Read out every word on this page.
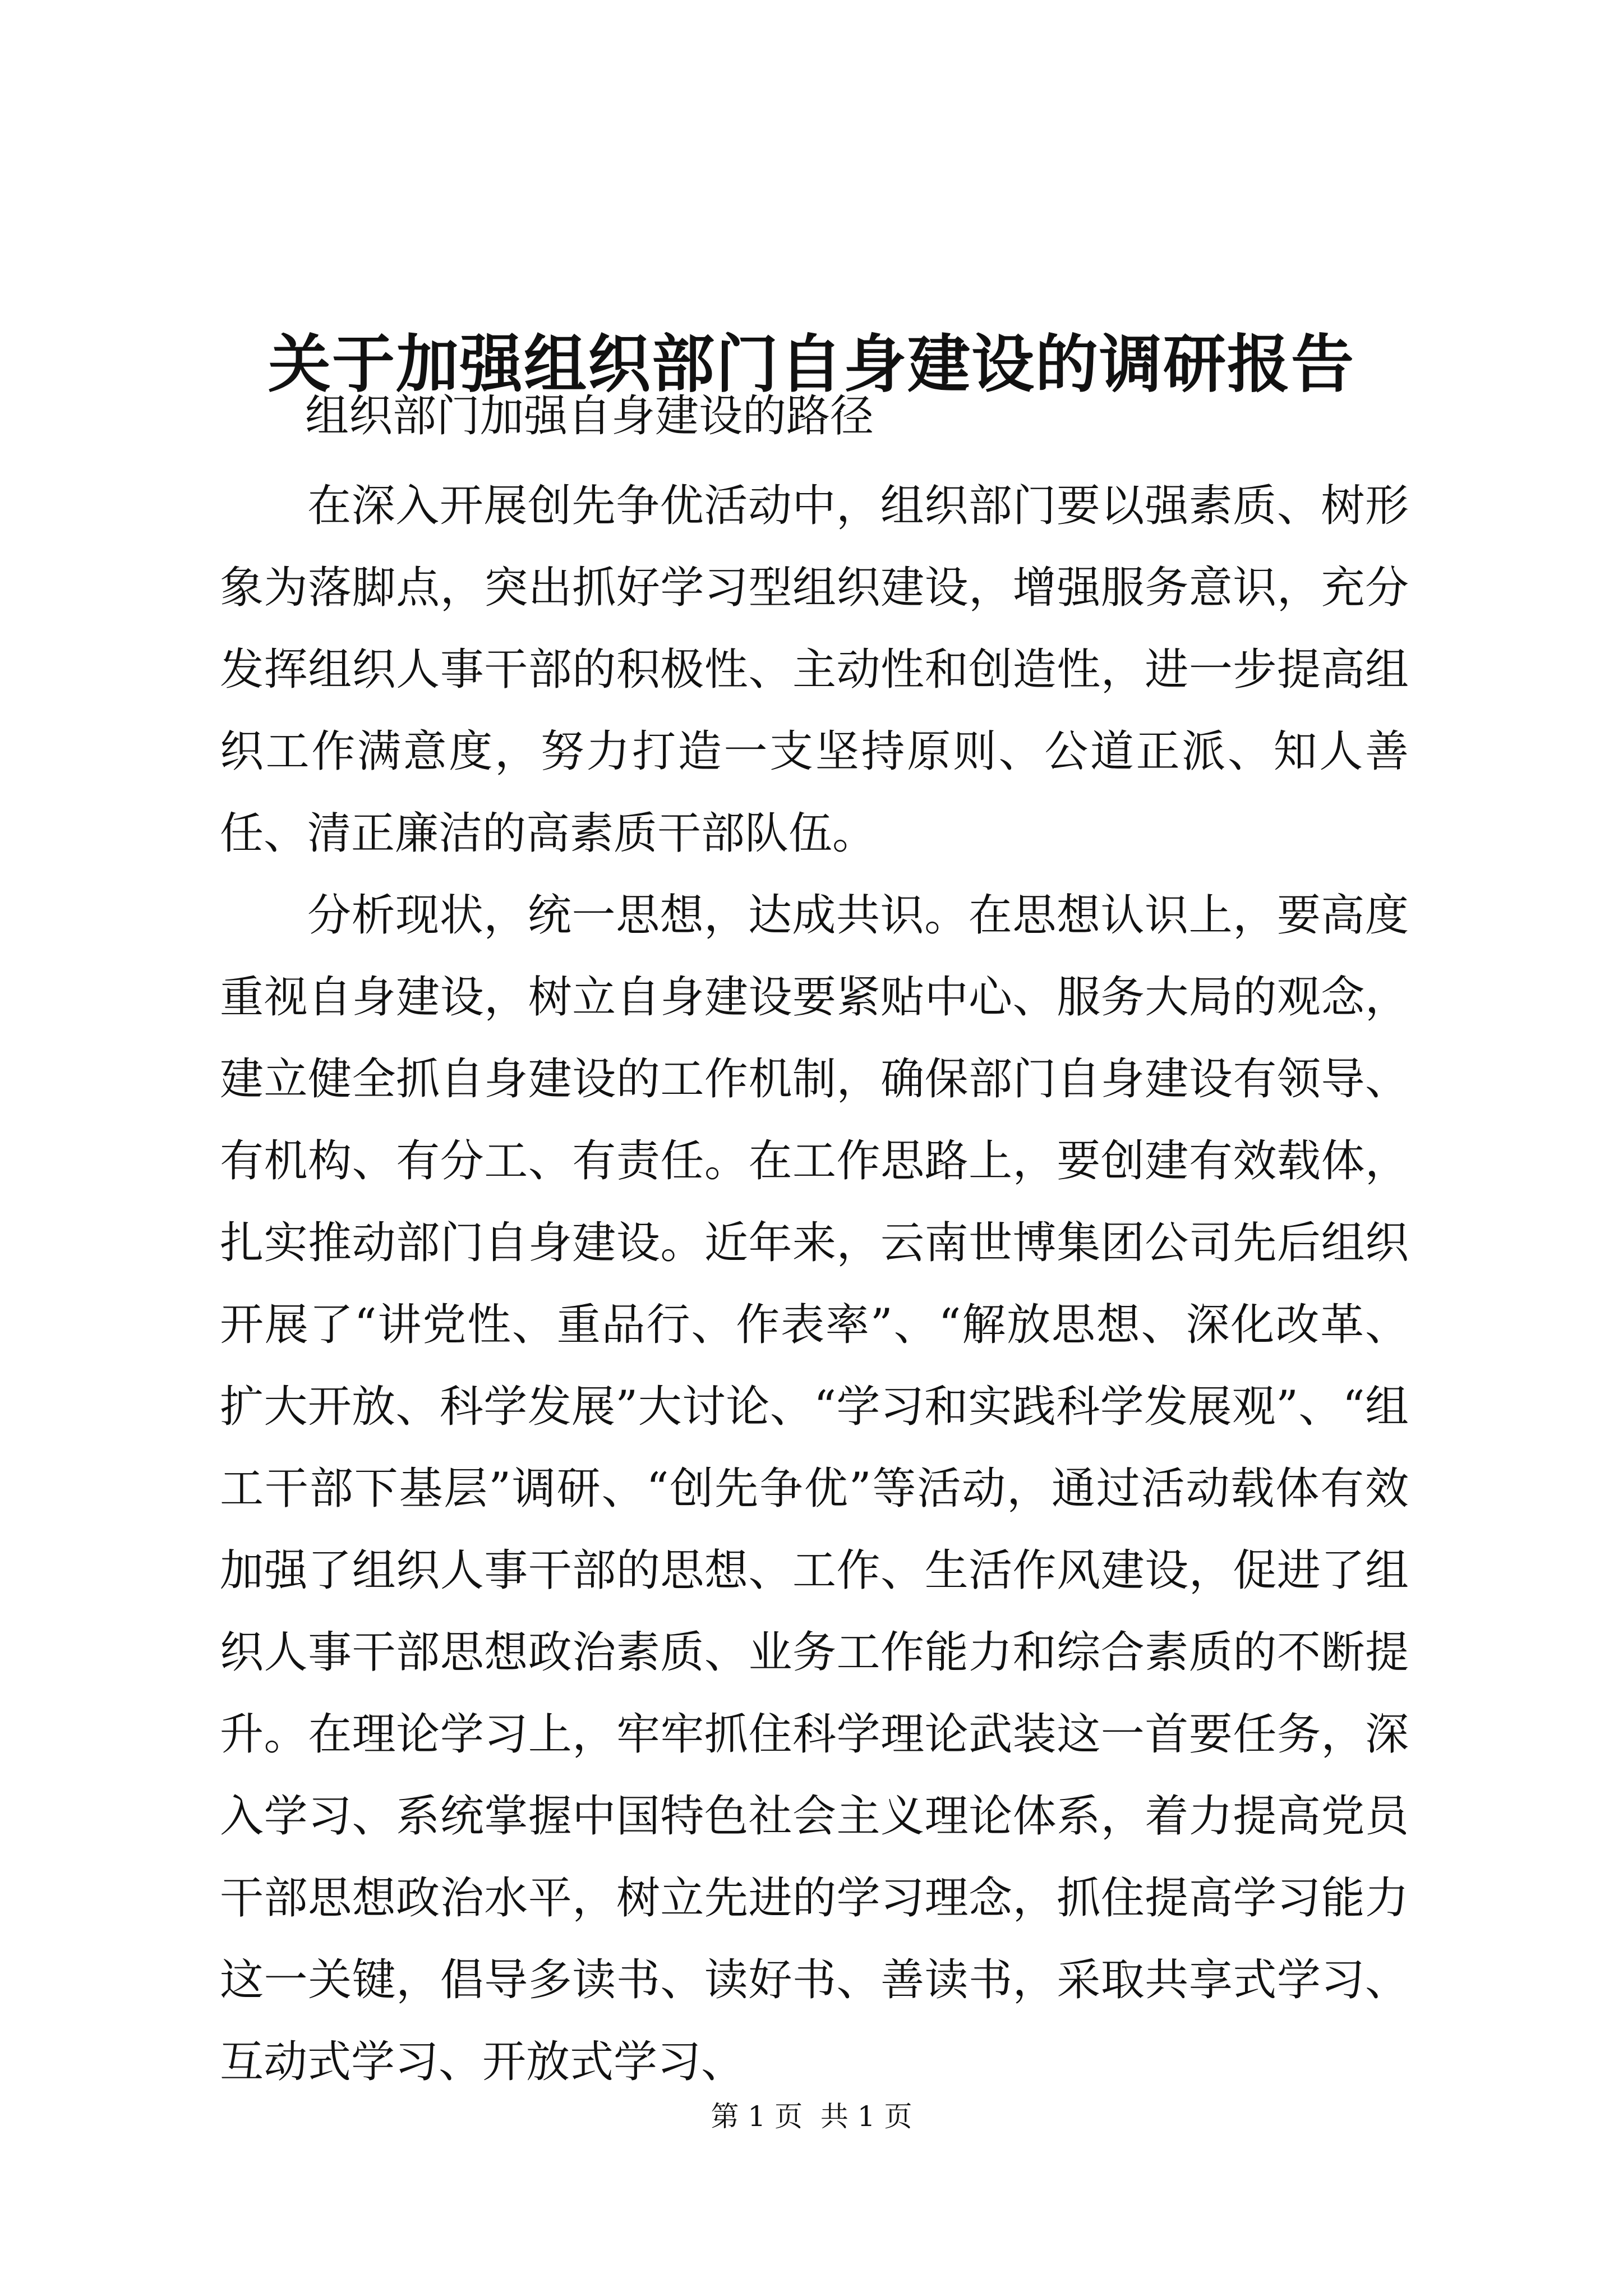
关于加强组织部门自身建设的调研报告
组织部门加强自身建设的路径

在深入开展创先争优活动中，组织部门要以强素质、树形象为落脚点，突出抓好学习型组织建设，增强服务意识，充分发挥组织人事干部的积极性、主动性和创造性，进一步提高组织工作满意度，努力打造一支坚持原则、公道正派、知人善任、清正廉洁的高素质干部队伍。

分析现状，统一思想，达成共识。在思想认识上，要高度重视自身建设，树立自身建设要紧贴中心、服务大局的观念，建立健全抓自身建设的工作机制，确保部门自身建设有领导、有机构、有分工、有责任。在工作思路上，要创建有效载体，扎实推动部门自身建设。近年来，云南世博集团公司先后组织开展了“讲党性、重品行、作表率”、“解放思想、深化改革、扩大开放、科学发展”大讨论、“学习和实践科学发展观”、“组工干部下基层”调研、“创先争优”等活动，通过活动载体有效加强了组织人事干部的思想、工作、生活作风建设，促进了组织人事干部思想政治素质、业务工作能力和综合素质的不断提升。在理论学习上，牢牢抓住科学理论武装这一首要任务，深入学习、系统掌握中国特色社会主义理论体系，着力提高党员干部思想政治水平，树立先进的学习理念，抓住提高学习能力这一关键，倡导多读书、读好书、善读书，采取共享式学习、互动式学习、开放式学习、

第 1 页  共 1 页
